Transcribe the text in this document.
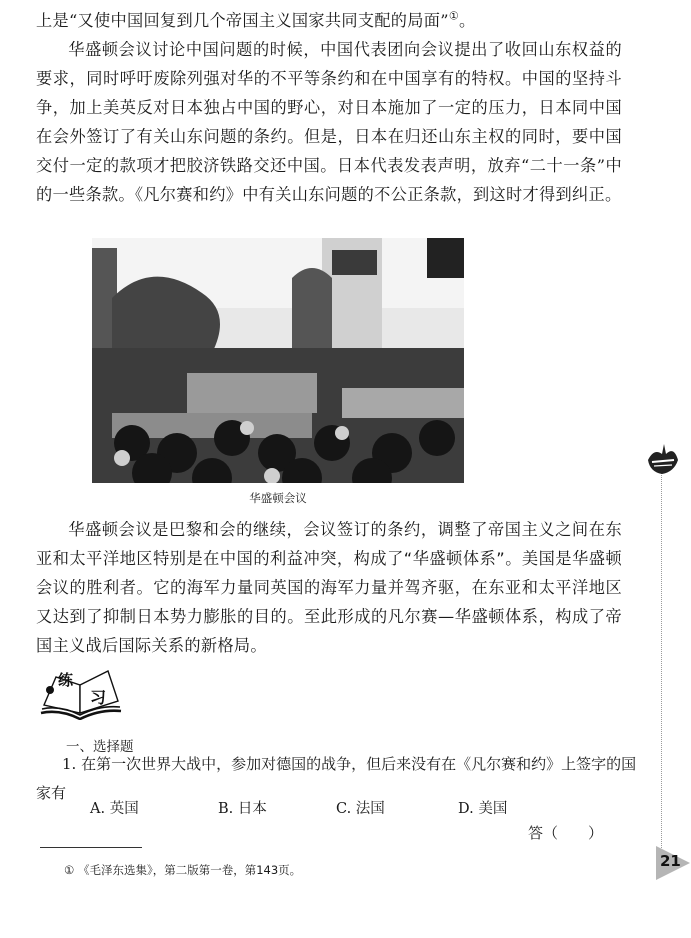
上是“又使中国回复到几个帝国主义国家共同支配的局面”①。
华盛顿会议讨论中国问题的时候，中国代表团向会议提出了收回山东权益的要求，同时呼吁废除列强对华的不平等条约和在中国享有的特权。中国的坚持斗争，加上美英反对日本独占中国的野心，对日本施加了一定的压力，日本同中国在会外签订了有关山东问题的条约。但是，日本在归还山东主权的同时，要中国交付一定的款项才把胶济铁路交还中国。日本代表发表声明，放弃“二十一条”中的一些条款。《凡尔赛和约》中有关山东问题的不公正条款，到这时才得到纠正。
华盛顿会议
华盛顿会议是巴黎和会的继续，会议签订的条约，调整了帝国主义之间在东亚和太平洋地区特别是在中国的利益冲突，构成了“华盛顿体系”。美国是华盛顿会议的胜利者。它的海军力量同英国的海军力量并驾齐驱，在东亚和太平洋地区又达到了抑制日本势力膨胀的目的。至此形成的凡尔赛—华盛顿体系，构成了帝国主义战后国际关系的新格局。
练
习
一、选择题
1. 在第一次世界大战中，参加对德国的战争，但后来没有在《凡尔赛和约》上签字的国家有
A. 英国	B. 日本	C. 法国	D. 美国
答（　　）
① 《毛泽东选集》，第二版第一卷，第143页。	21
